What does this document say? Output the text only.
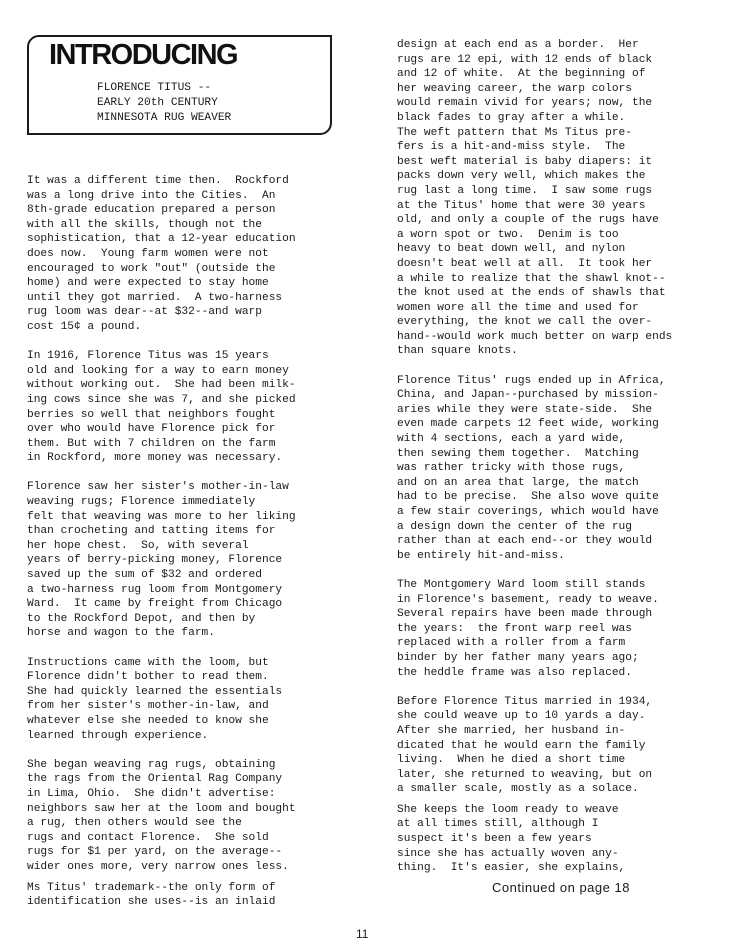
INTRODUCING
FLORENCE TITUS --
EARLY 20th CENTURY
MINNESOTA RUG WEAVER

It was a different time then.  Rockford
was a long drive into the Cities.  An
8th-grade education prepared a person
with all the skills, though not the
sophistication, that a 12-year education
does now.  Young farm women were not
encouraged to work "out" (outside the
home) and were expected to stay home
until they got married.  A two-harness
rug loom was dear--at $32--and warp
cost 15¢ a pound.

In 1916, Florence Titus was 15 years
old and looking for a way to earn money
without working out.  She had been milk-
ing cows since she was 7, and she picked
berries so well that neighbors fought
over who would have Florence pick for
them. But with 7 children on the farm
in Rockford, more money was necessary.

Florence saw her sister's mother-in-law
weaving rugs; Florence immediately
felt that weaving was more to her liking
than crocheting and tatting items for
her hope chest.  So, with several
years of berry-picking money, Florence
saved up the sum of $32 and ordered
a two-harness rug loom from Montgomery
Ward.  It came by freight from Chicago
to the Rockford Depot, and then by
horse and wagon to the farm.

Instructions came with the loom, but
Florence didn't bother to read them.
She had quickly learned the essentials
from her sister's mother-in-law, and
whatever else she needed to know she
learned through experience.

She began weaving rag rugs, obtaining
the rags from the Oriental Rag Company
in Lima, Ohio.  She didn't advertise:
neighbors saw her at the loom and bought
a rug, then others would see the
rugs and contact Florence.  She sold
rugs for $1 per yard, on the average--
wider ones more, very narrow ones less.

Ms Titus' trademark--the only form of
identification she uses--is an inlaid

design at each end as a border.  Her
rugs are 12 epi, with 12 ends of black
and 12 of white.  At the beginning of
her weaving career, the warp colors
would remain vivid for years; now, the
black fades to gray after a while.
The weft pattern that Ms Titus pre-
fers is a hit-and-miss style.  The
best weft material is baby diapers: it
packs down very well, which makes the
rug last a long time.  I saw some rugs
at the Titus' home that were 30 years
old, and only a couple of the rugs have
a worn spot or two.  Denim is too
heavy to beat down well, and nylon
doesn't beat well at all.  It took her
a while to realize that the shawl knot--
the knot used at the ends of shawls that
women wore all the time and used for
everything, the knot we call the over-
hand--would work much better on warp ends
than square knots.

Florence Titus' rugs ended up in Africa,
China, and Japan--purchased by mission-
aries while they were state-side.  She
even made carpets 12 feet wide, working
with 4 sections, each a yard wide,
then sewing them together.  Matching
was rather tricky with those rugs,
and on an area that large, the match
had to be precise.  She also wove quite
a few stair coverings, which would have
a design down the center of the rug
rather than at each end--or they would
be entirely hit-and-miss.

The Montgomery Ward loom still stands
in Florence's basement, ready to weave.
Several repairs have been made through
the years:  the front warp reel was
replaced with a roller from a farm
binder by her father many years ago;
the heddle frame was also replaced.

Before Florence Titus married in 1934,
she could weave up to 10 yards a day.
After she married, her husband in-
dicated that he would earn the family
living.  When he died a short time
later, she returned to weaving, but on
a smaller scale, mostly as a solace.

She keeps the loom ready to weave
at all times still, although I
suspect it's been a few years
since she has actually woven any-
thing.  It's easier, she explains,

Continued on page 18
11
